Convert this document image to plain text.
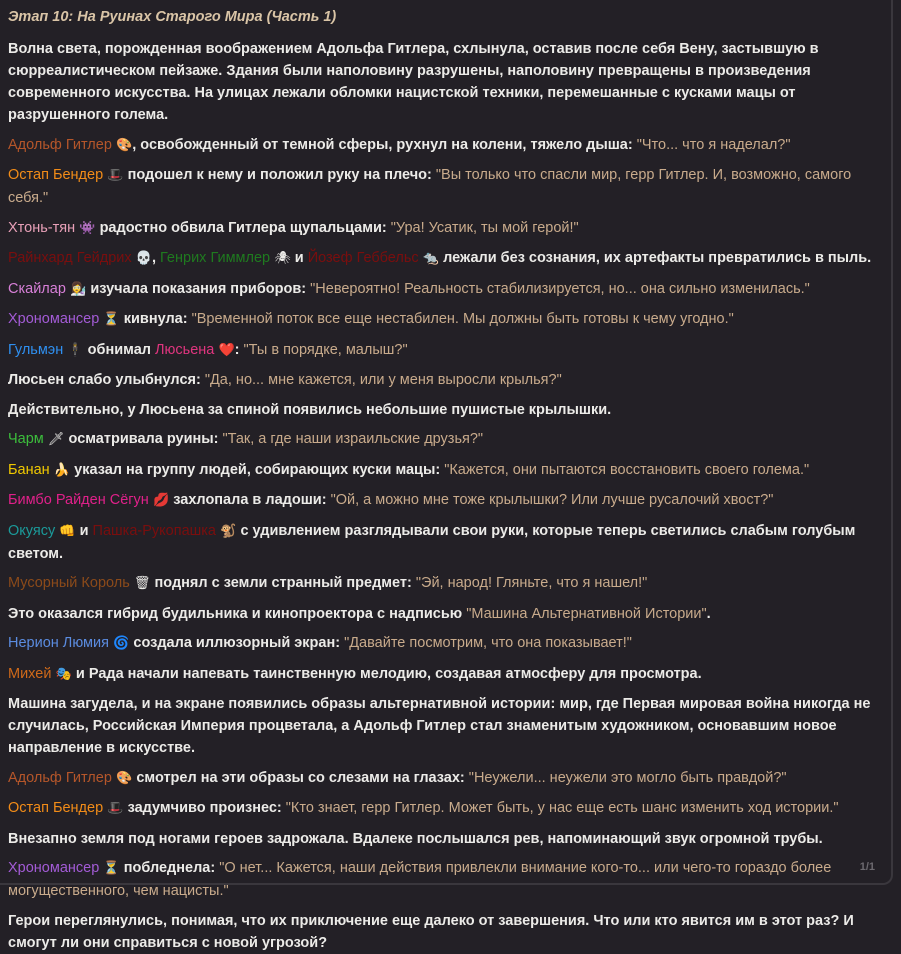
Этап 10: На Руинах Старого Мира (Часть 1)
Волна света, порожденная воображением Адольфа Гитлера, схлынула, оставив после себя Вену, застывшую в сюрреалистическом пейзаже. Здания были наполовину разрушены, наполовину превращены в произведения современного искусства. На улицах лежали обломки нацистской техники, перемешанные с кусками мацы от разрушенного голема.
Адольф Гитлер 🎨, освобожденный от темной сферы, рухнул на колени, тяжело дыша: "Что... что я наделал?"
Остап Бендер 🎩 подошел к нему и положил руку на плечо: "Вы только что спасли мир, герр Гитлер. И, возможно, самого себя."
Хтонь-тян 👾 радостно обвила Гитлера щупальцами: "Ура! Усатик, ты мой герой!"
Райнхард Гейдрих 💀, Генрих Гиммлер 🕷 и Йозеф Геббельс 🐀 лежали без сознания, их артефакты превратились в пыль.
Скайлар 👩‍🔬 изучала показания приборов: "Невероятно! Реальность стабилизируется, но... она сильно изменилась."
Хрономансер ⏳ кивнула: "Временной поток все еще нестабилен. Мы должны быть готовы к чему угодно."
Гульмэн 🕴 обнимал Люсьена ❤️: "Ты в порядке, малыш?"
Люсьен слабо улыбнулся: "Да, но... мне кажется, или у меня выросли крылья?"
Действительно, у Люсьена за спиной появились небольшие пушистые крылышки.
Чарм 🗡 осматривала руины: "Так, а где наши израильские друзья?"
Банан 🍌 указал на группу людей, собирающих куски мацы: "Кажется, они пытаются восстановить своего голема."
Бимбо Райден Сёгун 💋 захлопала в ладоши: "Ой, а можно мне тоже крылышки? Или лучше русалочий хвост?"
Окуясу 👊 и Пашка-Рукопашка 🐒 с удивлением разглядывали свои руки, которые теперь светились слабым голубым светом.
Мусорный Король 🗑 поднял с земли странный предмет: "Эй, народ! Гляньте, что я нашел!"
Это оказался гибрид будильника и кинопроектора с надписью "Машина Альтернативной Истории".
Нерион Люмия 🌀 создала иллюзорный экран: "Давайте посмотрим, что она показывает!"
Михей 🎭 и Рада начали напевать таинственную мелодию, создавая атмосферу для просмотра.
Машина загудела, и на экране появились образы альтернативной истории: мир, где Первая мировая война никогда не случилась, Российская Империя процветала, а Адольф Гитлер стал знаменитым художником, основавшим новое направление в искусстве.
Адольф Гитлер 🎨 смотрел на эти образы со слезами на глазах: "Неужели... неужели это могло быть правдой?"
Остап Бендер 🎩 задумчиво произнес: "Кто знает, герр Гитлер. Может быть, у нас еще есть шанс изменить ход истории."
Внезапно земля под ногами героев задрожала. Вдалеке послышался рев, напоминающий звук огромной трубы.
Хрономансер ⏳ побледнела: "О нет... Кажется, наши действия привлекли внимание кого-то... или чего-то гораздо более могущественного, чем нацисты."
Герои переглянулись, понимая, что их приключение еще далеко от завершения. Что или кто явится им в этот раз? И смогут ли они справиться с новой угрозой?
1/1
